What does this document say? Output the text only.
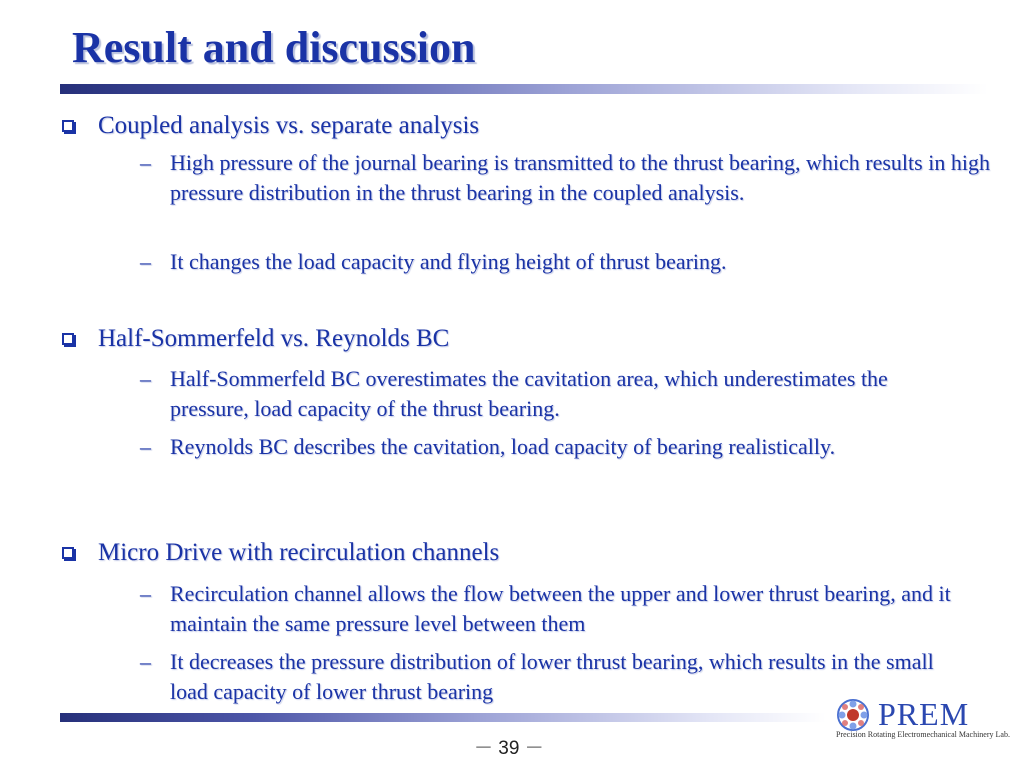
Result and discussion
Coupled analysis vs. separate analysis
– High pressure of the journal bearing is transmitted to the thrust bearing, which results in high pressure distribution in the thrust bearing in the coupled analysis.
– It changes the load capacity and flying height of thrust bearing.
Half-Sommerfeld vs. Reynolds BC
– Half-Sommerfeld BC overestimates the cavitation area, which underestimates the pressure, load capacity of the thrust bearing.
– Reynolds BC describes the cavitation, load capacity of bearing realistically.
Micro Drive with recirculation channels
– Recirculation channel allows the flow between the upper and lower thrust bearing, and it maintain the same pressure level between them
– It decreases the pressure distribution of lower thrust bearing, which results in the small load capacity of lower thrust bearing
－ 39 －
PREM
Precision Rotating Electromechanical Machinery Lab.
